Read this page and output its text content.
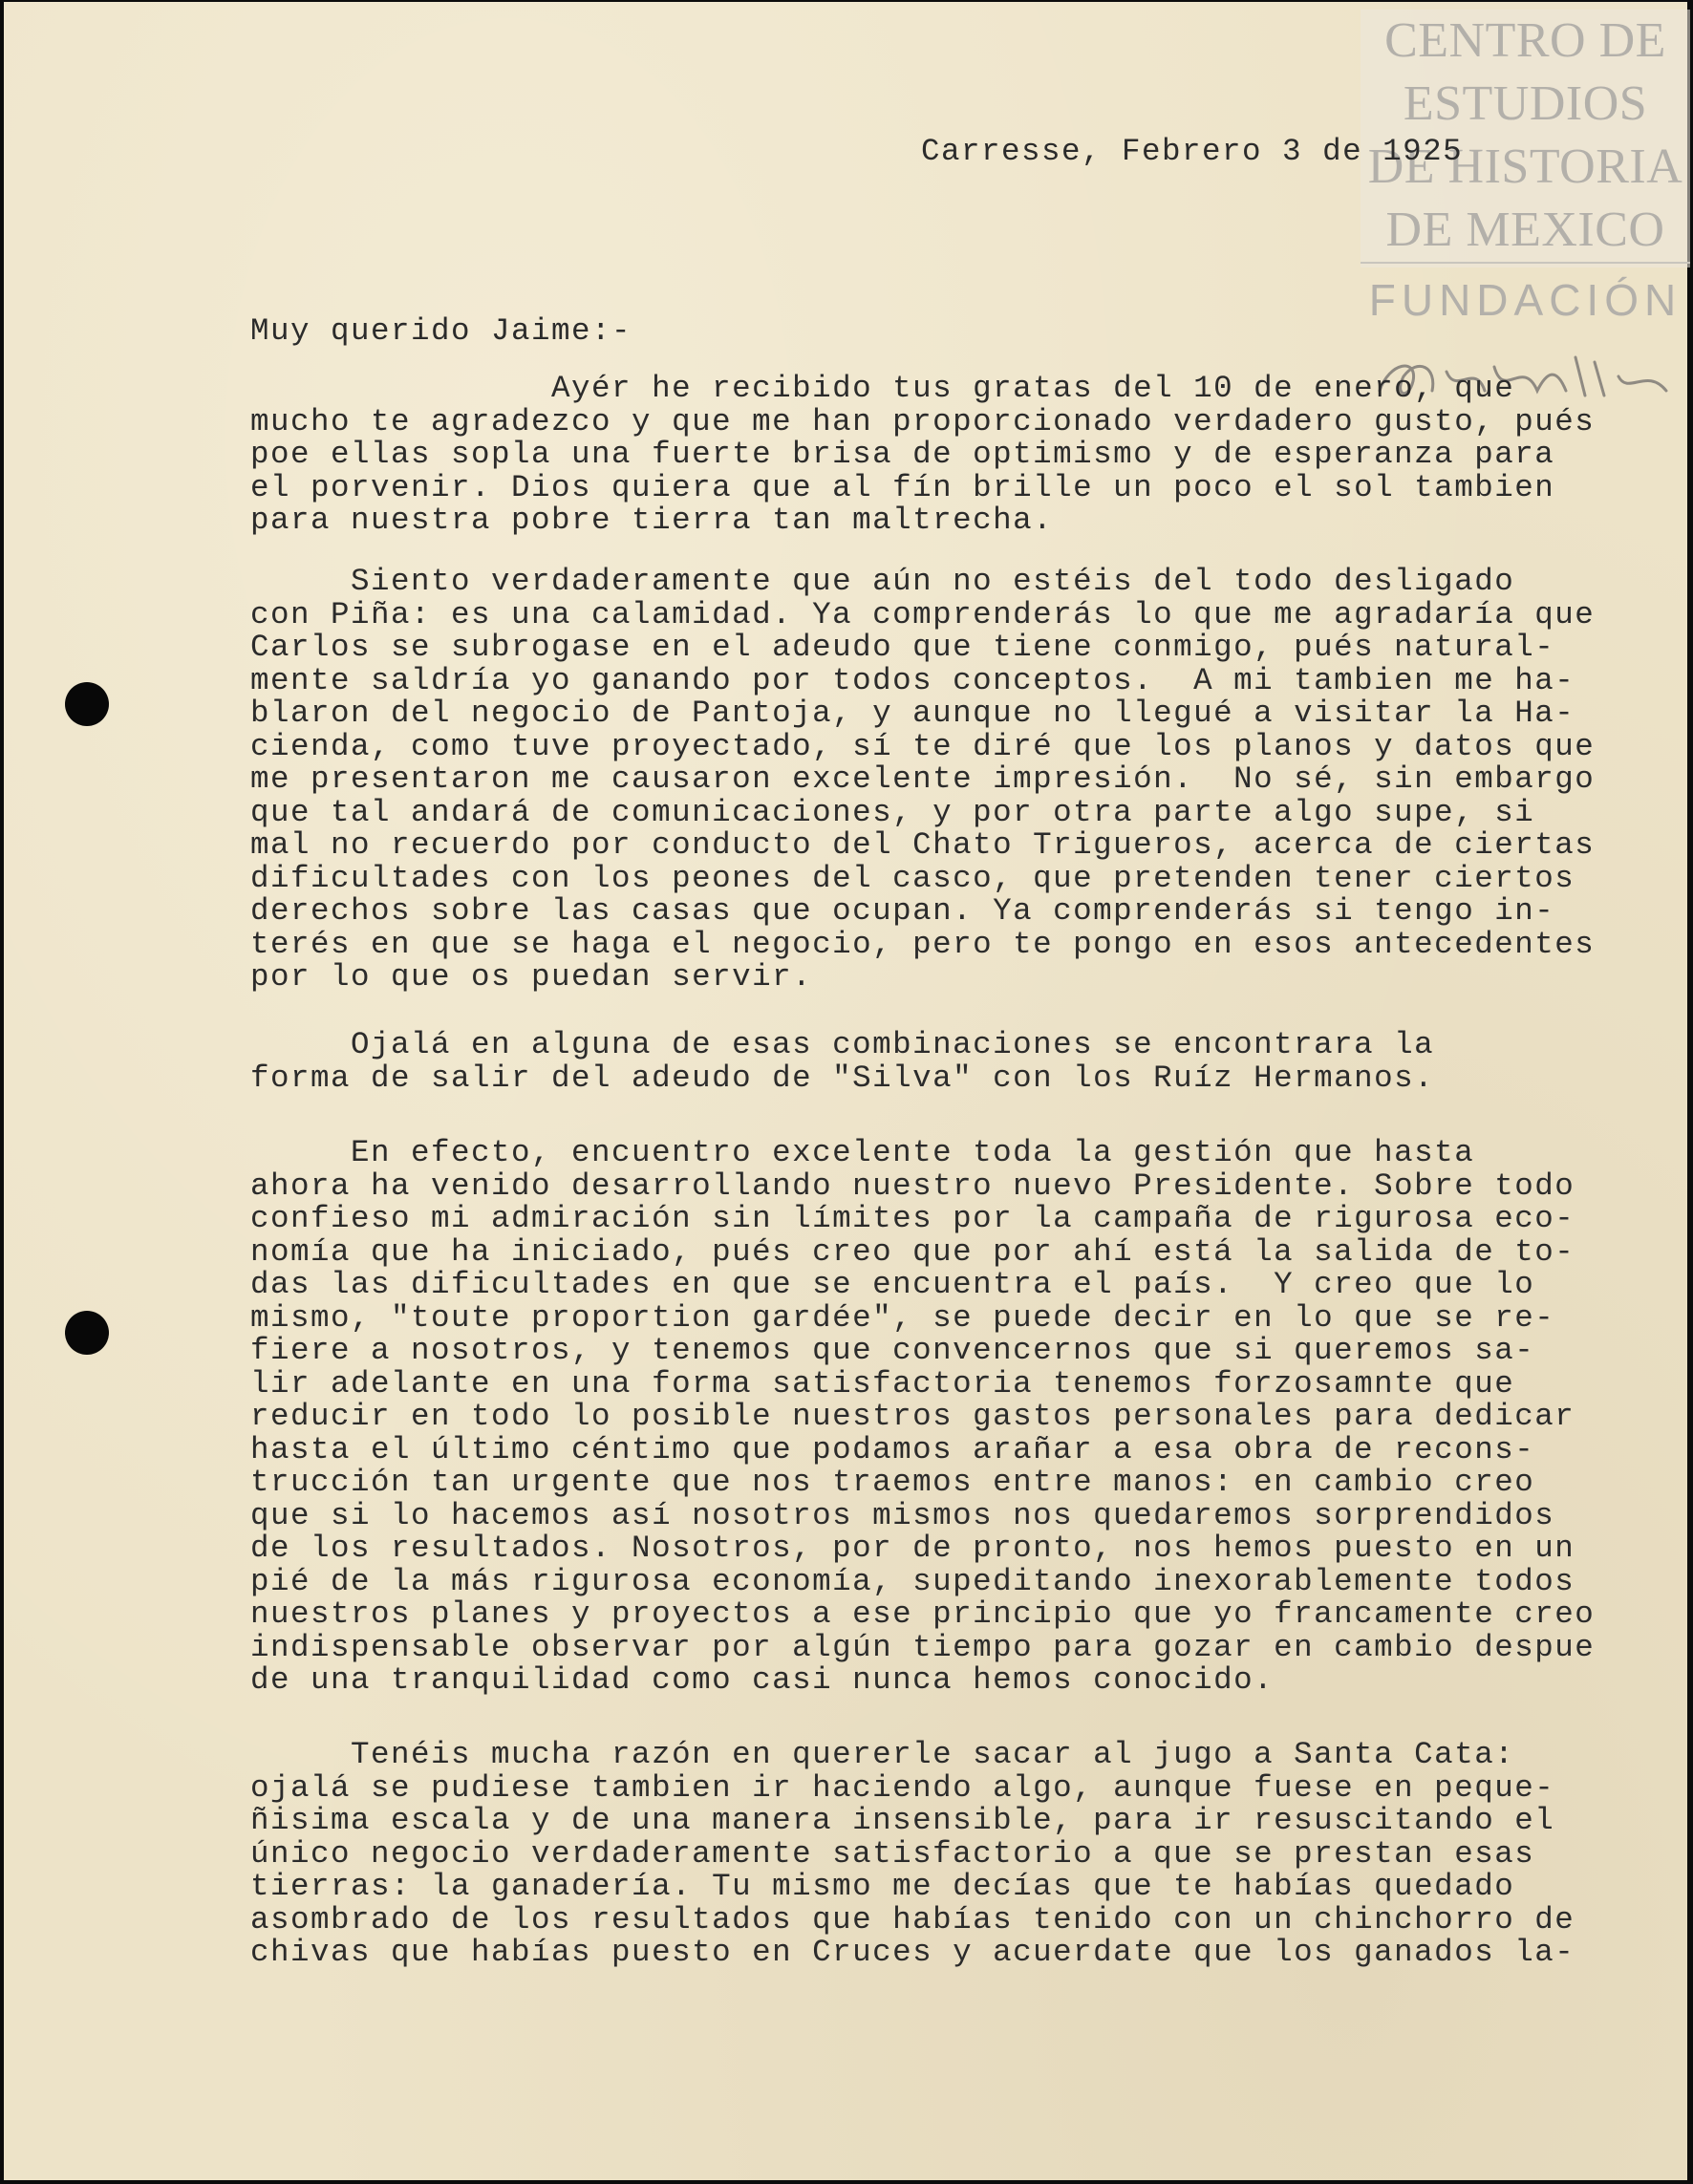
CENTRO DE
ESTUDIOS
DE HISTORIA
DE MEXICO
FUNDACIÓN
Carresse, Febrero 3 de 1925
Muy querido Jaime:-
Ayér he recibido tus gratas del 10 de enero, que
mucho te agradezco y que me han proporcionado verdadero gusto, pués
poe ellas sopla una fuerte brisa de optimismo y de esperanza para
el porvenir. Dios quiera que al fín brille un poco el sol tambien
para nuestra pobre tierra tan maltrecha.
Siento verdaderamente que aún no estéis del todo desligado
con Piña: es una calamidad. Ya comprenderás lo que me agradaría que
Carlos se subrogase en el adeudo que tiene conmigo, pués natural-
mente saldría yo ganando por todos conceptos.  A mi tambien me ha-
blaron del negocio de Pantoja, y aunque no llegué a visitar la Ha-
cienda, como tuve proyectado, sí te diré que los planos y datos que
me presentaron me causaron excelente impresión.  No sé, sin embargo
que tal andará de comunicaciones, y por otra parte algo supe, si
mal no recuerdo por conducto del Chato Trigueros, acerca de ciertas
dificultades con los peones del casco, que pretenden tener ciertos
derechos sobre las casas que ocupan. Ya comprenderás si tengo in-
terés en que se haga el negocio, pero te pongo en esos antecedentes
por lo que os puedan servir.
Ojalá en alguna de esas combinaciones se encontrara la
forma de salir del adeudo de "Silva" con los Ruíz Hermanos.
En efecto, encuentro excelente toda la gestión que hasta
ahora ha venido desarrollando nuestro nuevo Presidente. Sobre todo
confieso mi admiración sin límites por la campaña de rigurosa eco-
nomía que ha iniciado, pués creo que por ahí está la salida de to-
das las dificultades en que se encuentra el país.  Y creo que lo
mismo, "toute proportion gardée", se puede decir en lo que se re-
fiere a nosotros, y tenemos que convencernos que si queremos sa-
lir adelante en una forma satisfactoria tenemos forzosamnte que
reducir en todo lo posible nuestros gastos personales para dedicar
hasta el último céntimo que podamos arañar a esa obra de recons-
trucción tan urgente que nos traemos entre manos: en cambio creo
que si lo hacemos así nosotros mismos nos quedaremos sorprendidos
de los resultados. Nosotros, por de pronto, nos hemos puesto en un
pié de la más rigurosa economía, supeditando inexorablemente todos
nuestros planes y proyectos a ese principio que yo francamente creo
indispensable observar por algún tiempo para gozar en cambio despue
de una tranquilidad como casi nunca hemos conocido.
Tenéis mucha razón en quererle sacar al jugo a Santa Cata:
ojalá se pudiese tambien ir haciendo algo, aunque fuese en peque-
ñisima escala y de una manera insensible, para ir resuscitando el
único negocio verdaderamente satisfactorio a que se prestan esas
tierras: la ganadería. Tu mismo me decías que te habías quedado
asombrado de los resultados que habías tenido con un chinchorro de
chivas que habías puesto en Cruces y acuerdate que los ganados la-
